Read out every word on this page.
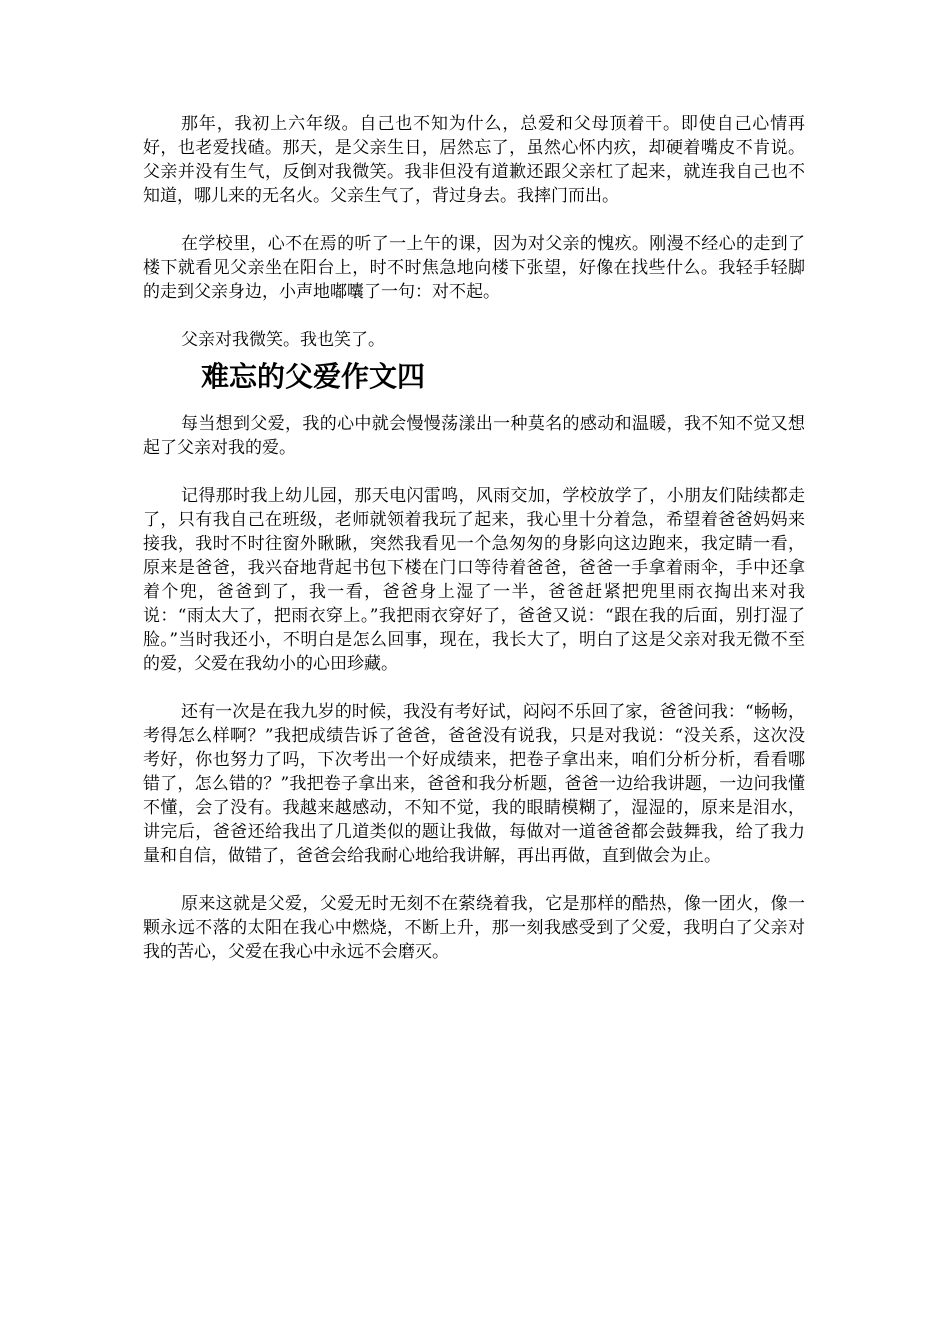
那年，我初上六年级。自己也不知为什么，总爱和父母顶着干。即使自己心情再好，也老爱找碴。那天，是父亲生日，居然忘了，虽然心怀内疚，却硬着嘴皮不肯说。父亲并没有生气，反倒对我微笑。我非但没有道歉还跟父亲杠了起来，就连我自己也不知道，哪儿来的无名火。父亲生气了，背过身去。我摔门而出。

在学校里，心不在焉的听了一上午的课，因为对父亲的愧疚。刚漫不经心的走到了楼下就看见父亲坐在阳台上，时不时焦急地向楼下张望，好像在找些什么。我轻手轻脚的走到父亲身边，小声地嘟囔了一句：对不起。

父亲对我微笑。我也笑了。

难忘的父爱作文四

每当想到父爱，我的心中就会慢慢荡漾出一种莫名的感动和温暖，我不知不觉又想起了父亲对我的爱。

记得那时我上幼儿园，那天电闪雷鸣，风雨交加，学校放学了，小朋友们陆续都走了，只有我自己在班级，老师就领着我玩了起来，我心里十分着急，希望着爸爸妈妈来接我，我时不时往窗外瞅瞅，突然我看见一个急匆匆的身影向这边跑来，我定睛一看，原来是爸爸，我兴奋地背起书包下楼在门口等待着爸爸，爸爸一手拿着雨伞，手中还拿着个兜，爸爸到了，我一看，爸爸身上湿了一半，爸爸赶紧把兜里雨衣掏出来对我说：“雨太大了，把雨衣穿上。”我把雨衣穿好了，爸爸又说：“跟在我的后面，别打湿了脸。”当时我还小，不明白是怎么回事，现在，我长大了，明白了这是父亲对我无微不至的爱，父爱在我幼小的心田珍藏。

还有一次是在我九岁的时候，我没有考好试，闷闷不乐回了家，爸爸问我：“畅畅，考得怎么样啊？”我把成绩告诉了爸爸，爸爸没有说我，只是对我说：“没关系，这次没考好，你也努力了吗，下次考出一个好成绩来，把卷子拿出来，咱们分析分析，看看哪错了，怎么错的？”我把卷子拿出来，爸爸和我分析题，爸爸一边给我讲题，一边问我懂不懂，会了没有。我越来越感动，不知不觉，我的眼睛模糊了，湿湿的，原来是泪水，讲完后，爸爸还给我出了几道类似的题让我做，每做对一道爸爸都会鼓舞我，给了我力量和自信，做错了，爸爸会给我耐心地给我讲解，再出再做，直到做会为止。

原来这就是父爱，父爱无时无刻不在萦绕着我，它是那样的酷热，像一团火，像一颗永远不落的太阳在我心中燃烧，不断上升，那一刻我感受到了父爱，我明白了父亲对我的苦心，父爱在我心中永远不会磨灭。
